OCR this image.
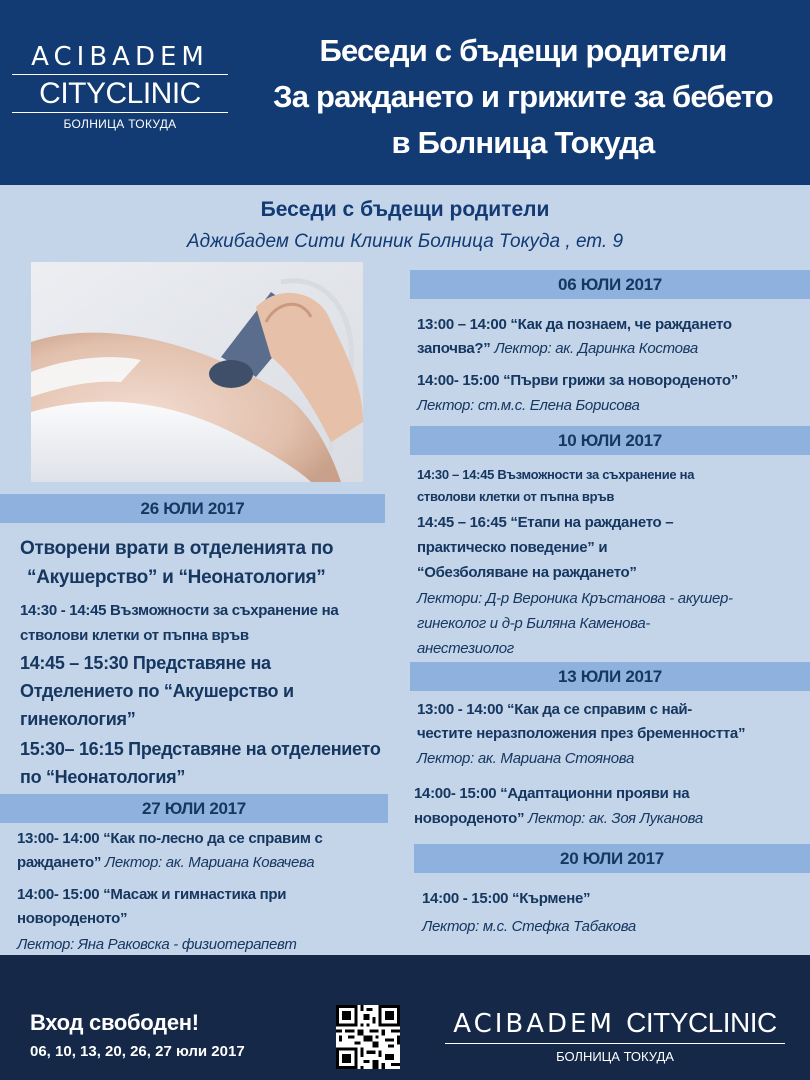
ACIBADEM
CITYCLINIC
БОЛНИЦА ТОКУДА
Беседи с бъдещи родители
За раждането и грижите за бебето
в Болница Токуда
Беседи с бъдещи родители
Аджибадем Сити Клиник Болница Токуда , ет. 9
26 ЮЛИ 2017
Отворени врати в отделенията по
“Акушерство” и “Неонатология”
14:30 - 14:45 Възможности за съхранение на
стволови клетки от пъпна връв
14:45 – 15:30 Представяне на
Отделението по “Акушерство и
гинекология”
15:30– 16:15 Представяне на отделението
по “Неонатология”
27 ЮЛИ 2017
13:00- 14:00 “Как по-лесно да се справим с
раждането” Лектор: ак. Мариана Ковачева
14:00- 15:00 “Масаж и гимнастика при
новороденото”
Лектор: Яна Раковска - физиотерапевт
06 ЮЛИ 2017
13:00 – 14:00 “Как да познаем, че раждането
започва?” Лектор: ак. Даринка Костова
14:00- 15:00 “Първи грижи за новороденото”
Лектор: ст.м.с. Елена Борисова
10 ЮЛИ 2017
14:30 – 14:45 Възможности за съхранение на
стволови клетки от пъпна връв
14:45 – 16:45 “Етапи на раждането –
практическо поведение” и
“Обезболяване на раждането”
Лектори: Д-р Вероника Кръстанова - акушер-
гинеколог и д-р Биляна Каменова-
анестезиолог
13 ЮЛИ 2017
13:00 - 14:00 “Как да се справим с най-
честите неразположения през бременността”
Лектор: ак. Мариана Стоянова
14:00- 15:00 “Адаптационни прояви на
новороденото” Лектор: ак. Зоя Луканова
20 ЮЛИ 2017
14:00 - 15:00 “Кърмене”
Лектор: м.с. Стефка Табакова
Вход свободен!
06, 10, 13, 20, 26, 27 юли 2017
ACIBADEM CITYCLINIC
БОЛНИЦА ТОКУДА
